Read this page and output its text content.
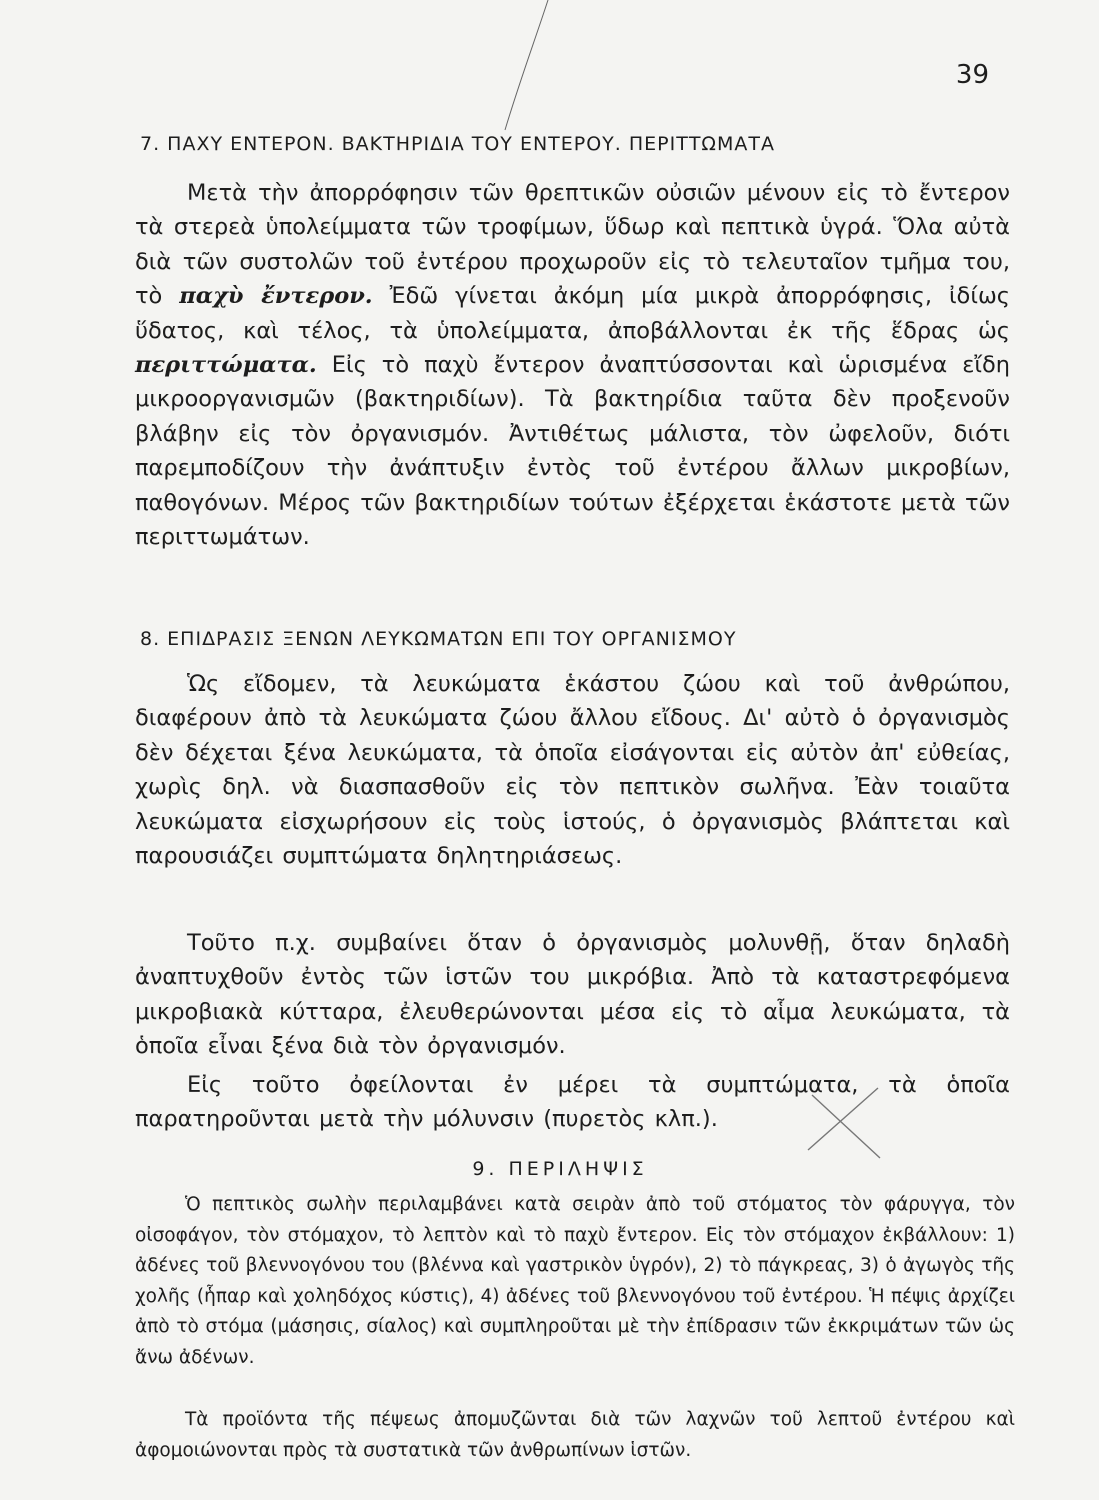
39
7. ΠΑΧΥ ΕΝΤΕΡΟΝ. ΒΑΚΤΗΡΙΔΙΑ ΤΟΥ ΕΝΤΕΡΟΥ. ΠΕΡΙΤΤΩΜΑΤΑ
Μετὰ τὴν ἀπορρόφησιν τῶν θρεπτικῶν οὐσιῶν μένουν εἰς τὸ ἔντερον τὰ στερεὰ ὑπολείμματα τῶν τροφίμων, ὕδωρ καὶ πεπτικὰ ὑγρά. Ὅλα αὐτὰ διὰ τῶν συστολῶν τοῦ ἐντέρου προχωροῦν εἰς τὸ τελευταῖον τμῆμα του, τὸ παχὺ ἔντερον. Ἐδῶ γίνεται ἀκόμη μία μικρὰ ἀπορρόφησις, ἰδίως ὕδατος, καὶ τέλος, τὰ ὑπολείμματα, ἀποβάλλονται ἐκ τῆς ἕδρας ὡς περιττώματα. Εἰς τὸ παχὺ ἔντερον ἀναπτύσσονται καὶ ὡρισμένα εἴδη μικροοργανισμῶν (βακτηριδίων). Τὰ βακτηρίδια ταῦτα δὲν προξενοῦν βλάβην εἰς τὸν ὀργανισμόν. Ἀντιθέτως μάλιστα, τὸν ὠφελοῦν, διότι παρεμποδίζουν τὴν ἀνάπτυξιν ἐντὸς τοῦ ἐντέρου ἄλλων μικροβίων, παθογόνων. Μέρος τῶν βακτηριδίων τούτων ἐξέρχεται ἑκάστοτε μετὰ τῶν περιττωμάτων.
8. ΕΠΙΔΡΑΣΙΣ ΞΕΝΩΝ ΛΕΥΚΩΜΑΤΩΝ ΕΠΙ ΤΟΥ ΟΡΓΑΝΙΣΜΟΥ
Ὡς εἴδομεν, τὰ λευκώματα ἑκάστου ζώου καὶ τοῦ ἀνθρώπου, διαφέρουν ἀπὸ τὰ λευκώματα ζώου ἄλλου εἴδους. Δι' αὐτὸ ὁ ὀργανισμὸς δὲν δέχεται ξένα λευκώματα, τὰ ὁποῖα εἰσάγονται εἰς αὐτὸν ἀπ' εὐθείας, χωρὶς δηλ. νὰ διασπασθοῦν εἰς τὸν πεπτικὸν σωλῆνα. Ἐὰν τοιαῦτα λευκώματα εἰσχωρήσουν εἰς τοὺς ἱστούς, ὁ ὀργανισμὸς βλάπτεται καὶ παρουσιάζει συμπτώματα δηλητηριάσεως.
Τοῦτο π.χ. συμβαίνει ὅταν ὁ ὀργανισμὸς μολυνθῇ, ὅταν δηλαδὴ ἀναπτυχθοῦν ἐντὸς τῶν ἱστῶν του μικρόβια. Ἀπὸ τὰ καταστρεφόμενα μικροβιακὰ κύτταρα, ἐλευθερώνονται μέσα εἰς τὸ αἷμα λευκώματα, τὰ ὁποῖα εἶναι ξένα διὰ τὸν ὀργανισμόν.
Εἰς τοῦτο ὀφείλονται ἐν μέρει τὰ συμπτώματα, τὰ ὁποῖα παρατηροῦνται μετὰ τὴν μόλυνσιν (πυρετὸς κλπ.).
9. ΠΕΡΙΛΗΨΙΣ
Ὁ πεπτικὸς σωλὴν περιλαμβάνει κατὰ σειρὰν ἀπὸ τοῦ στόματος τὸν φάρυγγα, τὸν οἰσοφάγον, τὸν στόμαχον, τὸ λεπτὸν καὶ τὸ παχὺ ἔντερον. Εἰς τὸν στόμαχον ἐκβάλλουν: 1) ἀδένες τοῦ βλεννογόνου του (βλέννα καὶ γαστρικὸν ὑγρόν), 2) τὸ πάγκρεας, 3) ὁ ἀγωγὸς τῆς χολῆς (ἧπαρ καὶ χοληδόχος κύστις), 4) ἀδένες τοῦ βλεννογόνου τοῦ ἐντέρου. Ἡ πέψις ἀρχίζει ἀπὸ τὸ στόμα (μάσησις, σίαλος) καὶ συμπληροῦται μὲ τὴν ἐπίδρασιν τῶν ἐκκριμάτων τῶν ὡς ἄνω ἀδένων.
Τὰ προϊόντα τῆς πέψεως ἀπομυζῶνται διὰ τῶν λαχνῶν τοῦ λεπτοῦ ἐντέρου καὶ ἀφομοιώνονται πρὸς τὰ συστατικὰ τῶν ἀνθρωπίνων ἱστῶν.
